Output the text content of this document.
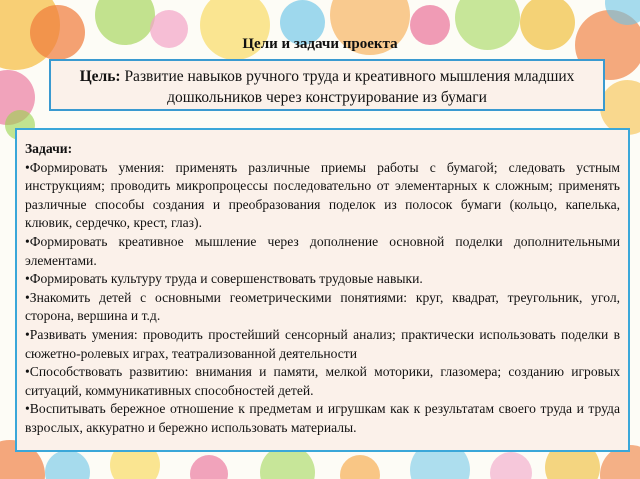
Цели и задачи проекта
Цель: Развитие навыков ручного труда и креативного мышления младших дошкольников через конструирование из бумаги
Задачи:

•Формировать умения: применять различные приемы работы с бумагой; следовать устным инструкциям; проводить микропроцессы последовательно от элементарных к сложным; применять различные способы создания и преобразования поделок из полосок бумаги (кольцо, капелька, клювик, сердечко, крест, глаз).

•Формировать креативное мышление через дополнение основной поделки дополнительными элементами.

•Формировать культуру труда и совершенствовать трудовые навыки.

•Знакомить детей с основными геометрическими понятиями: круг, квадрат, треугольник, угол, сторона, вершина и т.д.

•Развивать умения: проводить простейший сенсорный анализ; практически использовать поделки в сюжетно-ролевых играх, театрализованной деятельности

•Способствовать развитию: внимания и памяти, мелкой моторики, глазомера; созданию игровых ситуаций, коммуникативных способностей детей.

•Воспитывать бережное отношение к предметам и игрушкам как к результатам своего труда и труда взрослых, аккуратно и бережно использовать материалы.
